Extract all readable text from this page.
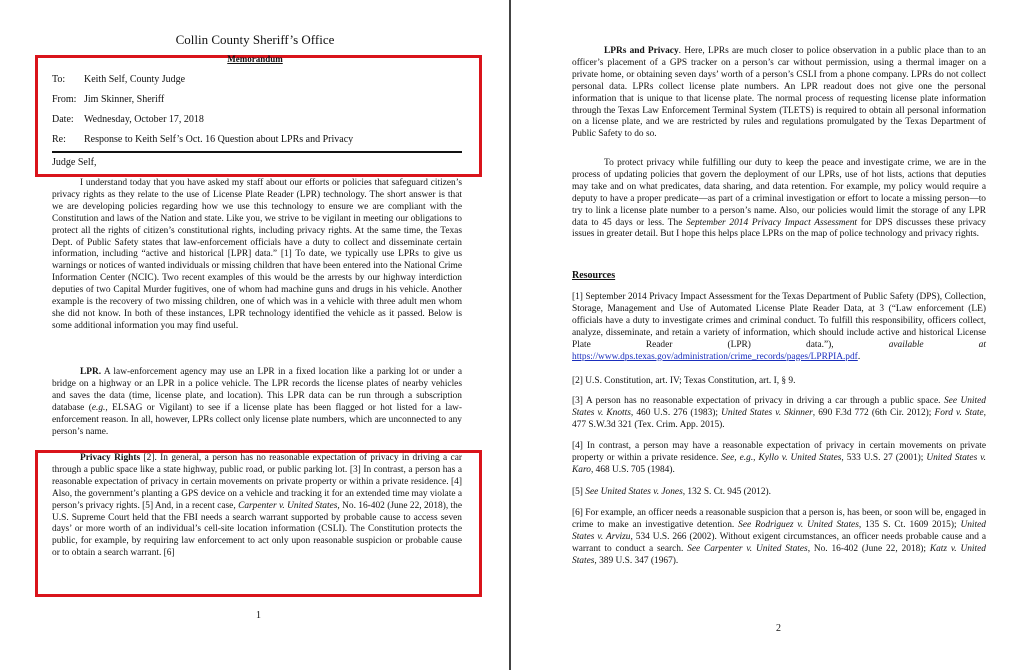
Collin County Sheriff’s Office
Memorandum
To: Keith Self, County Judge
From: Jim Skinner, Sheriff
Date: Wednesday, October 17, 2018
Re: Response to Keith Self’s Oct. 16 Question about LPRs and Privacy
Judge Self,
I understand today that you have asked my staff about our efforts or policies that safeguard citizen’s privacy rights as they relate to the use of License Plate Reader (LPR) technology. The short answer is that we are developing policies regarding how we use this technology to ensure we are compliant with the Constitution and laws of the Nation and state. Like you, we strive to be vigilant in meeting our obligations to protect all the rights of citizen’s constitutional rights, including privacy rights. At the same time, the Texas Dept. of Public Safety states that law-enforcement officials have a duty to collect and disseminate certain information, including “active and historical [LPR] data.” [1] To date, we typically use LPRs to give us warnings or notices of wanted individuals or missing children that have been entered into the National Crime Information Center (NCIC). Two recent examples of this would be the arrests by our highway interdiction deputies of two Capital Murder fugitives, one of whom had machine guns and drugs in his vehicle. Another example is the recovery of two missing children, one of which was in a vehicle with three adult men whom she did not know. In both of these instances, LPR technology identified the vehicle as it passed. Below is some additional information you may find useful.
LPR. A law-enforcement agency may use an LPR in a fixed location like a parking lot or under a bridge on a highway or an LPR in a police vehicle. The LPR records the license plates of nearby vehicles and saves the data (time, license plate, and location). This LPR data can be run through a subscription database (e.g., ELSAG or Vigilant) to see if a license plate has been flagged or hot listed for a law-enforcement reason. In all, however, LPRs collect only license plate numbers, which are unconnected to any person’s name.
Privacy Rights [2]. In general, a person has no reasonable expectation of privacy in driving a car through a public space like a state highway, public road, or public parking lot. [3] In contrast, a person has a reasonable expectation of privacy in certain movements on private property or within a private residence. [4] Also, the government’s planting a GPS device on a vehicle and tracking it for an extended time may violate a person’s privacy rights. [5] And, in a recent case, Carpenter v. United States, No. 16-402 (June 22, 2018), the U.S. Supreme Court held that the FBI needs a search warrant supported by probable cause to access seven days’ or more worth of an individual’s cell-site location information (CSLI). The Constitution protects the public, for example, by requiring law enforcement to act only upon reasonable suspicion or probable cause or to obtain a search warrant. [6]
1
LPRs and Privacy. Here, LPRs are much closer to police observation in a public place than to an officer’s placement of a GPS tracker on a person’s car without permission, using a thermal imager on a private home, or obtaining seven days’ worth of a person’s CSLI from a phone company. LPRs do not collect personal data. LPRs collect license plate numbers. An LPR readout does not give one the personal information that is unique to that license plate. The normal process of requesting license plate information through the Texas Law Enforcement Terminal System (TLETS) is required to obtain all personal information on a license plate, and we are restricted by rules and regulations promulgated by the Texas Department of Public Safety to do so.
To protect privacy while fulfilling our duty to keep the peace and investigate crime, we are in the process of updating policies that govern the deployment of our LPRs, use of hot lists, actions that deputies may take and on what predicates, data sharing, and data retention. For example, my policy would require a deputy to have a proper predicate—as part of a criminal investigation or effort to locate a missing person—to try to link a license plate number to a person’s name. Also, our policies would limit the storage of any LPR data to 45 days or less. The September 2014 Privacy Impact Assessment for DPS discusses these privacy issues in greater detail. But I hope this helps place LPRs on the map of police technology and privacy rights.
Resources
[1] September 2014 Privacy Impact Assessment for the Texas Department of Public Safety (DPS), Collection, Storage, Management and Use of Automated License Plate Reader Data, at 3 (“Law enforcement (LE) officials have a duty to investigate crimes and criminal conduct. To fulfill this responsibility, officers collect, analyze, disseminate, and retain a variety of information, which should include active and historical License Plate Reader (LPR) data.”), available at https://www.dps.texas.gov/administration/crime_records/pages/LPRPIA.pdf.
[2] U.S. Constitution, art. IV; Texas Constitution, art. I, § 9.
[3] A person has no reasonable expectation of privacy in driving a car through a public space. See United States v. Knotts, 460 U.S. 276 (1983); United States v. Skinner, 690 F.3d 772 (6th Cir. 2012); Ford v. State, 477 S.W.3d 321 (Tex. Crim. App. 2015).
[4] In contrast, a person may have a reasonable expectation of privacy in certain movements on private property or within a private residence. See, e.g., Kyllo v. United States, 533 U.S. 27 (2001); United States v. Karo, 468 U.S. 705 (1984).
[5] See United States v. Jones, 132 S. Ct. 945 (2012).
[6] For example, an officer needs a reasonable suspicion that a person is, has been, or soon will be, engaged in crime to make an investigative detention. See Rodriguez v. United States, 135 S. Ct. 1609 2015); United States v. Arvizu, 534 U.S. 266 (2002). Without exigent circumstances, an officer needs probable cause and a warrant to conduct a search. See Carpenter v. United States, No. 16-402 (June 22, 2018); Katz v. United States, 389 U.S. 347 (1967).
2
